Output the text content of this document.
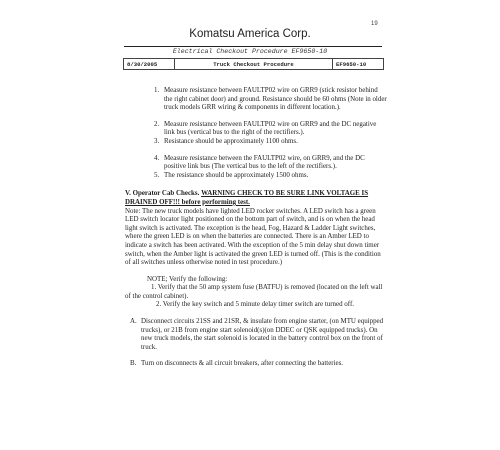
19
Komatsu America Corp.
Electrical Checkout Procedure EF9650-10
8/30/2005	Truck Checkout Procedure	EF9650-10
1. Measure resistance between FAULTP02 wire on GRR9 (stick resistor behind the right cabinet door) and ground. Resistance should be 60 ohms (Note in older truck models GRR wiring & components in different location.).
2. Measure resistance between FAULTP02 wire on GRR9 and the DC negative link bus (vertical bus to the right of the rectifiers.).
3. Resistance should be approximately 1100 ohms.
4. Measure resistance between the FAULTP02 wire, on GRR9, and the DC positive link bus (The vertical bus to the left of the rectifiers.).
5. The resistance should be approximately 1500 ohms.

V. Operator Cab Checks. WARNING CHECK TO BE SURE LINK VOLTAGE IS DRAINED OFF!!! before performing test.

Note: The new truck models have lighted LED rocker switches. A LED switch has a green LED switch locator light positioned on the bottom part of switch, and is on when the head light switch is activated. The exception is the head, Fog, Hazard & Ladder Light switches, where the green LED is on when the batteries are connected. There is an Amber LED to indicate a switch has been activated. With the exception of the 5 min delay shut down timer switch, when the Amber light is activated the green LED is turned off. (This is the condition of all switches unless otherwise noted in test procedure.)

NOTE; Verify the following:

1. Verify that the 50 amp system fuse (BATFU) is removed (located on the left wall of the control cabinet).

2. Verify the key switch and 5 minute delay timer switch are turned off.

A. Disconnect circuits 21SS and 21SR, & insulate from engine starter, (on MTU equipped trucks), or 21B from engine start solenoid(s)(on DDEC or QSK equipped trucks). On new truck models, the start solenoid is located in the battery control box on the front of truck.
B. Turn on disconnects & all circuit breakers, after connecting the batteries.
